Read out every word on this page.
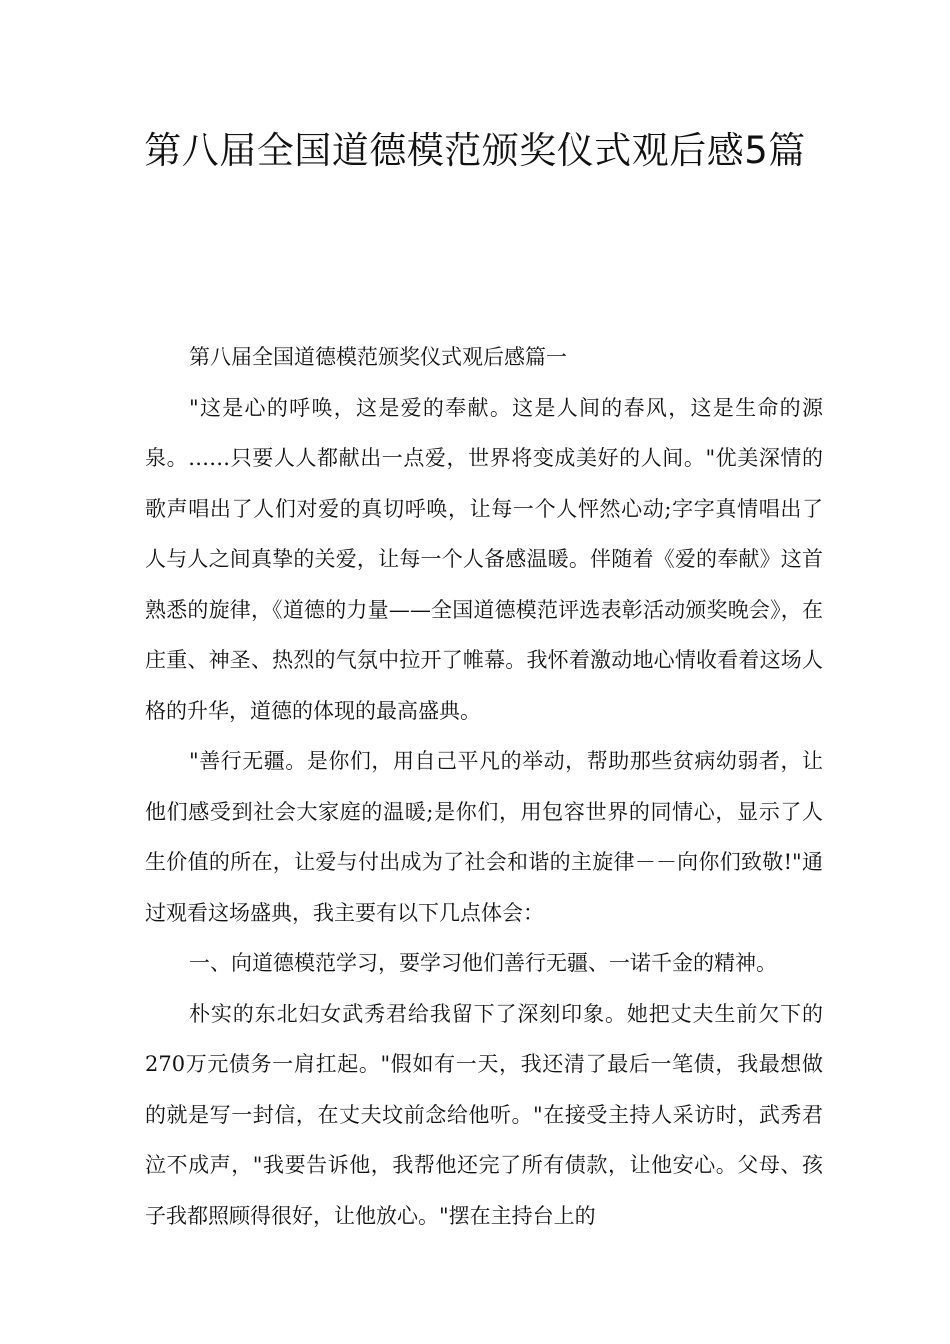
第八届全国道德模范颁奖仪式观后感5篇

第八届全国道德模范颁奖仪式观后感篇一

"这是心的呼唤，这是爱的奉献。这是人间的春风，这是生命的源泉。……只要人人都献出一点爱，世界将变成美好的人间。"优美深情的歌声唱出了人们对爱的真切呼唤，让每一个人怦然心动;字字真情唱出了人与人之间真挚的关爱，让每一个人备感温暖。伴随着《爱的奉献》这首熟悉的旋律，《道德的力量——全国道德模范评选表彰活动颁奖晚会》，在庄重、神圣、热烈的气氛中拉开了帷幕。我怀着激动地心情收看着这场人格的升华，道德的体现的最高盛典。

"善行无疆。是你们，用自己平凡的举动，帮助那些贫病幼弱者，让他们感受到社会大家庭的温暖;是你们，用包容世界的同情心，显示了人生价值的所在，让爱与付出成为了社会和谐的主旋律－－向你们致敬!"通过观看这场盛典，我主要有以下几点体会：

一、向道德模范学习，要学习他们善行无疆、一诺千金的精神。

朴实的东北妇女武秀君给我留下了深刻印象。她把丈夫生前欠下的270万元债务一肩扛起。"假如有一天，我还清了最后一笔债，我最想做的就是写一封信，在丈夫坟前念给他听。"在接受主持人采访时，武秀君泣不成声，"我要告诉他，我帮他还完了所有债款，让他安心。父母、孩子我都照顾得很好，让他放心。"摆在主持台上的
